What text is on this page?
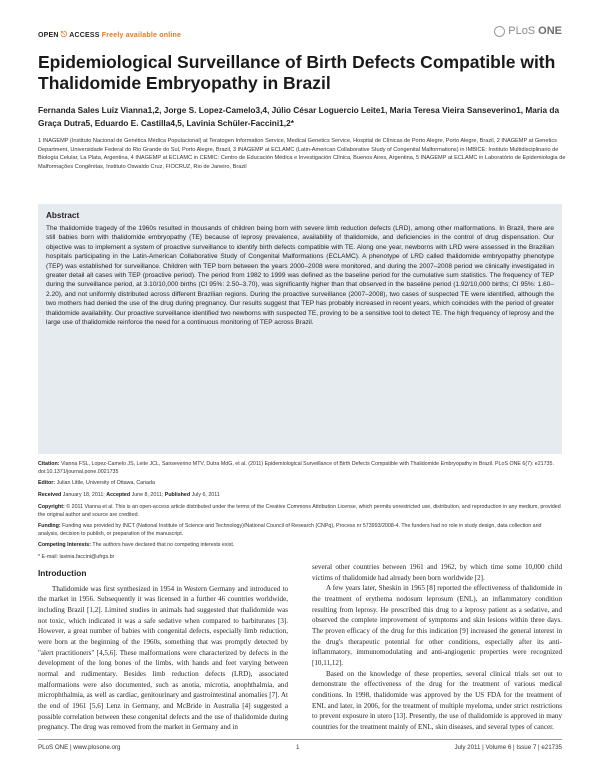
OPEN ⎋ ACCESS Freely available online	PLoS ONE
Epidemiological Surveillance of Birth Defects Compatible with Thalidomide Embryopathy in Brazil
Fernanda Sales Luiz Vianna1,2, Jorge S. Lopez-Camelo3,4, Júlio César Loguercio Leite1, Maria Teresa Vieira Sanseverino1, Maria da Graça Dutra5, Eduardo E. Castilla4,5, Lavinia Schüler-Faccini1,2*
1 INAGEMP (Instituto Nacional de Genética Médica Populacional) at Teratogen Information Service, Medical Genetics Service, Hospital de Clínicas de Porto Alegre, Porto Alegre, Brazil, 2 INAGEMP at Genetics Department, Universidade Federal do Rio Grande do Sul, Porto Alegre, Brazil, 3 INAGEMP at ECLAMC (Latin-American Collaborative Study of Congenital Malformations) in IMBICE: Instituto Multidisciplinario de Biología Celular, La Plata, Argentina, 4 INAGEMP at ECLAMC in CEMIC: Centro de Educación Médica e Investigación Clínica, Buenos Aires, Argentina, 5 INAGEMP at ECLAMC in Laboratório de Epidemiologia de Malformações Congênitas, Instituto Oswaldo Cruz, FIOCRUZ, Rio de Janeiro, Brazil
Abstract
The thalidomide tragedy of the 1960s resulted in thousands of children being born with severe limb reduction defects (LRD), among other malformations. In Brazil, there are still babies born with thalidomide embryopathy (TE) because of leprosy prevalence, availability of thalidomide, and deficiencies in the control of drug dispensation. Our objective was to implement a system of proactive surveillance to identify birth defects compatible with TE. Along one year, newborns with LRD were assessed in the Brazilian hospitals participating in the Latin-American Collaborative Study of Congenital Malformations (ECLAMC). A phenotype of LRD called thalidomide embryopathy phenotype (TEP) was established for surveillance. Children with TEP born between the years 2000–2008 were monitored, and during the 2007–2008 period we clinically investigated in greater detail all cases with TEP (proactive period). The period from 1982 to 1999 was defined as the baseline period for the cumulative sum statistics. The frequency of TEP during the surveillance period, at 3.10/10,000 births (CI 95%: 2.50–3.70), was significantly higher than that observed in the baseline period (1.92/10,000 births; CI 95%: 1.60–2.20), and not uniformly distributed across different Brazilian regions. During the proactive surveillance (2007–2008), two cases of suspected TE were identified, although the two mothers had denied the use of the drug during pregnancy. Our results suggest that TEP has probably increased in recent years, which coincides with the period of greater thalidomide availability. Our proactive surveillance identified two newborns with suspected TE, proving to be a sensitive tool to detect TE. The high frequency of leprosy and the large use of thalidomide reinforce the need for a continuous monitoring of TEP across Brazil.
Citation: Vianna FSL, Lopez-Camelo JS, Leite JCL, Sanseverino MTV, Dutra MdG, et al. (2011) Epidemiological Surveillance of Birth Defects Compatible with Thalidomide Embryopathy in Brazil. PLoS ONE 6(7): e21735. doi:10.1371/journal.pone.0021735
Editor: Julian Little, University of Ottawa, Canada
Received January 18, 2011; Accepted June 8, 2011; Published July 6, 2011
Copyright: © 2011 Vianna et al. This is an open-access article distributed under the terms of the Creative Commons Attribution License, which permits unrestricted use, distribution, and reproduction in any medium, provided the original author and source are credited.
Funding: Funding was provided by INCT (National Institute of Science and Technology)/National Council of Research (CNPq), Process nr 573993/2008-4. The funders had no role in study design, data collection and analysis, decision to publish, or preparation of the manuscript.
Competing Interests: The authors have declared that no competing interests exist.
* E-mail: lavinia.faccini@ufrgs.br
Introduction

Thalidomide was first synthesized in 1954 in Western Germany and introduced to the market in 1956. Subsequently it was licensed in a further 46 countries worldwide, including Brazil [1,2]. Limited studies in animals had suggested that thalidomide was not toxic, which indicated it was a safe sedative when compared to barbiturates [3]. However, a great number of babies with congenital defects, especially limb reduction, were born at the beginning of the 1960s, something that was promptly detected by "alert practitioners" [4,5,6]. These malformations were characterized by defects in the development of the long bones of the limbs, with hands and feet varying between normal and rudimentary. Besides limb reduction defects (LRD), associated malformations were also documented, such as anotia, microtia, anophthalmia, and microphthalmia, as well as cardiac, genitourinary and gastrointestinal anomalies [7]. At the end of 1961 [5,6] Lenz in Germany, and McBride in Australia [4] suggested a possible correlation between these congenital defects and the use of thalidomide during pregnancy. The drug was removed from the market in Germany and in

several other countries between 1961 and 1962, by which time some 10,000 child victims of thalidomide had already been born worldwide [2].

A few years later, Sheskin in 1965 [8] reported the effectiveness of thalidomide in the treatment of erythema nodosum leprosum (ENL), an inflammatory condition resulting from leprosy. He prescribed this drug to a leprosy patient as a sedative, and observed the complete improvement of symptoms and skin lesions within three days. The proven efficacy of the drug for this indication [9] increased the general interest in the drug's therapeutic potential for other conditions, especially after its anti-inflammatory, immunomodulating and anti-angiogenic properties were recognized [10,11,12].

Based on the knowledge of these properties, several clinical trials set out to demonstrate the effectiveness of the drug for the treatment of various medical conditions. In 1998, thalidomide was approved by the US FDA for the treatment of ENL and later, in 2006, for the treatment of multiple myeloma, under strict restrictions to prevent exposure in utero [13]. Presently, the use of thalidomide is approved in many countries for the treatment mainly of ENL, skin diseases, and several types of cancer.

PLoS ONE | www.plosone.org	1	July 2011 | Volume 6 | Issue 7 | e21735
